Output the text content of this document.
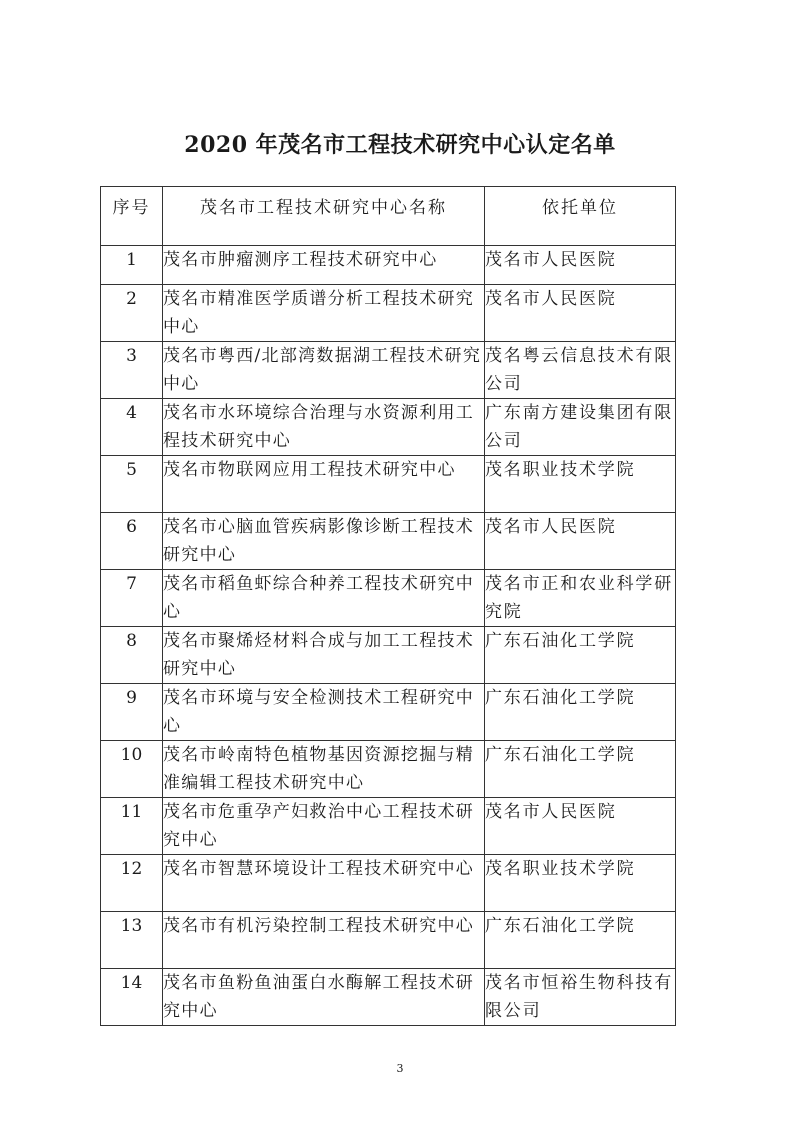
2020 年茂名市工程技术研究中心认定名单
序号	茂名市工程技术研究中心名称	依托单位
1	茂名市肿瘤测序工程技术研究中心	茂名市人民医院
2	茂名市精准医学质谱分析工程技术研究中心	茂名市人民医院
3	茂名市粤西/北部湾数据湖工程技术研究中心	茂名粤云信息技术有限公司
4	茂名市水环境综合治理与水资源利用工程技术研究中心	广东南方建设集团有限公司
5	茂名市物联网应用工程技术研究中心	茂名职业技术学院
6	茂名市心脑血管疾病影像诊断工程技术研究中心	茂名市人民医院
7	茂名市稻鱼虾综合种养工程技术研究中心	茂名市正和农业科学研究院
8	茂名市聚烯烃材料合成与加工工程技术研究中心	广东石油化工学院
9	茂名市环境与安全检测技术工程研究中心	广东石油化工学院
10	茂名市岭南特色植物基因资源挖掘与精准编辑工程技术研究中心	广东石油化工学院
11	茂名市危重孕产妇救治中心工程技术研究中心	茂名市人民医院
12	茂名市智慧环境设计工程技术研究中心	茂名职业技术学院
13	茂名市有机污染控制工程技术研究中心	广东石油化工学院
14	茂名市鱼粉鱼油蛋白水酶解工程技术研究中心	茂名市恒裕生物科技有限公司
3
